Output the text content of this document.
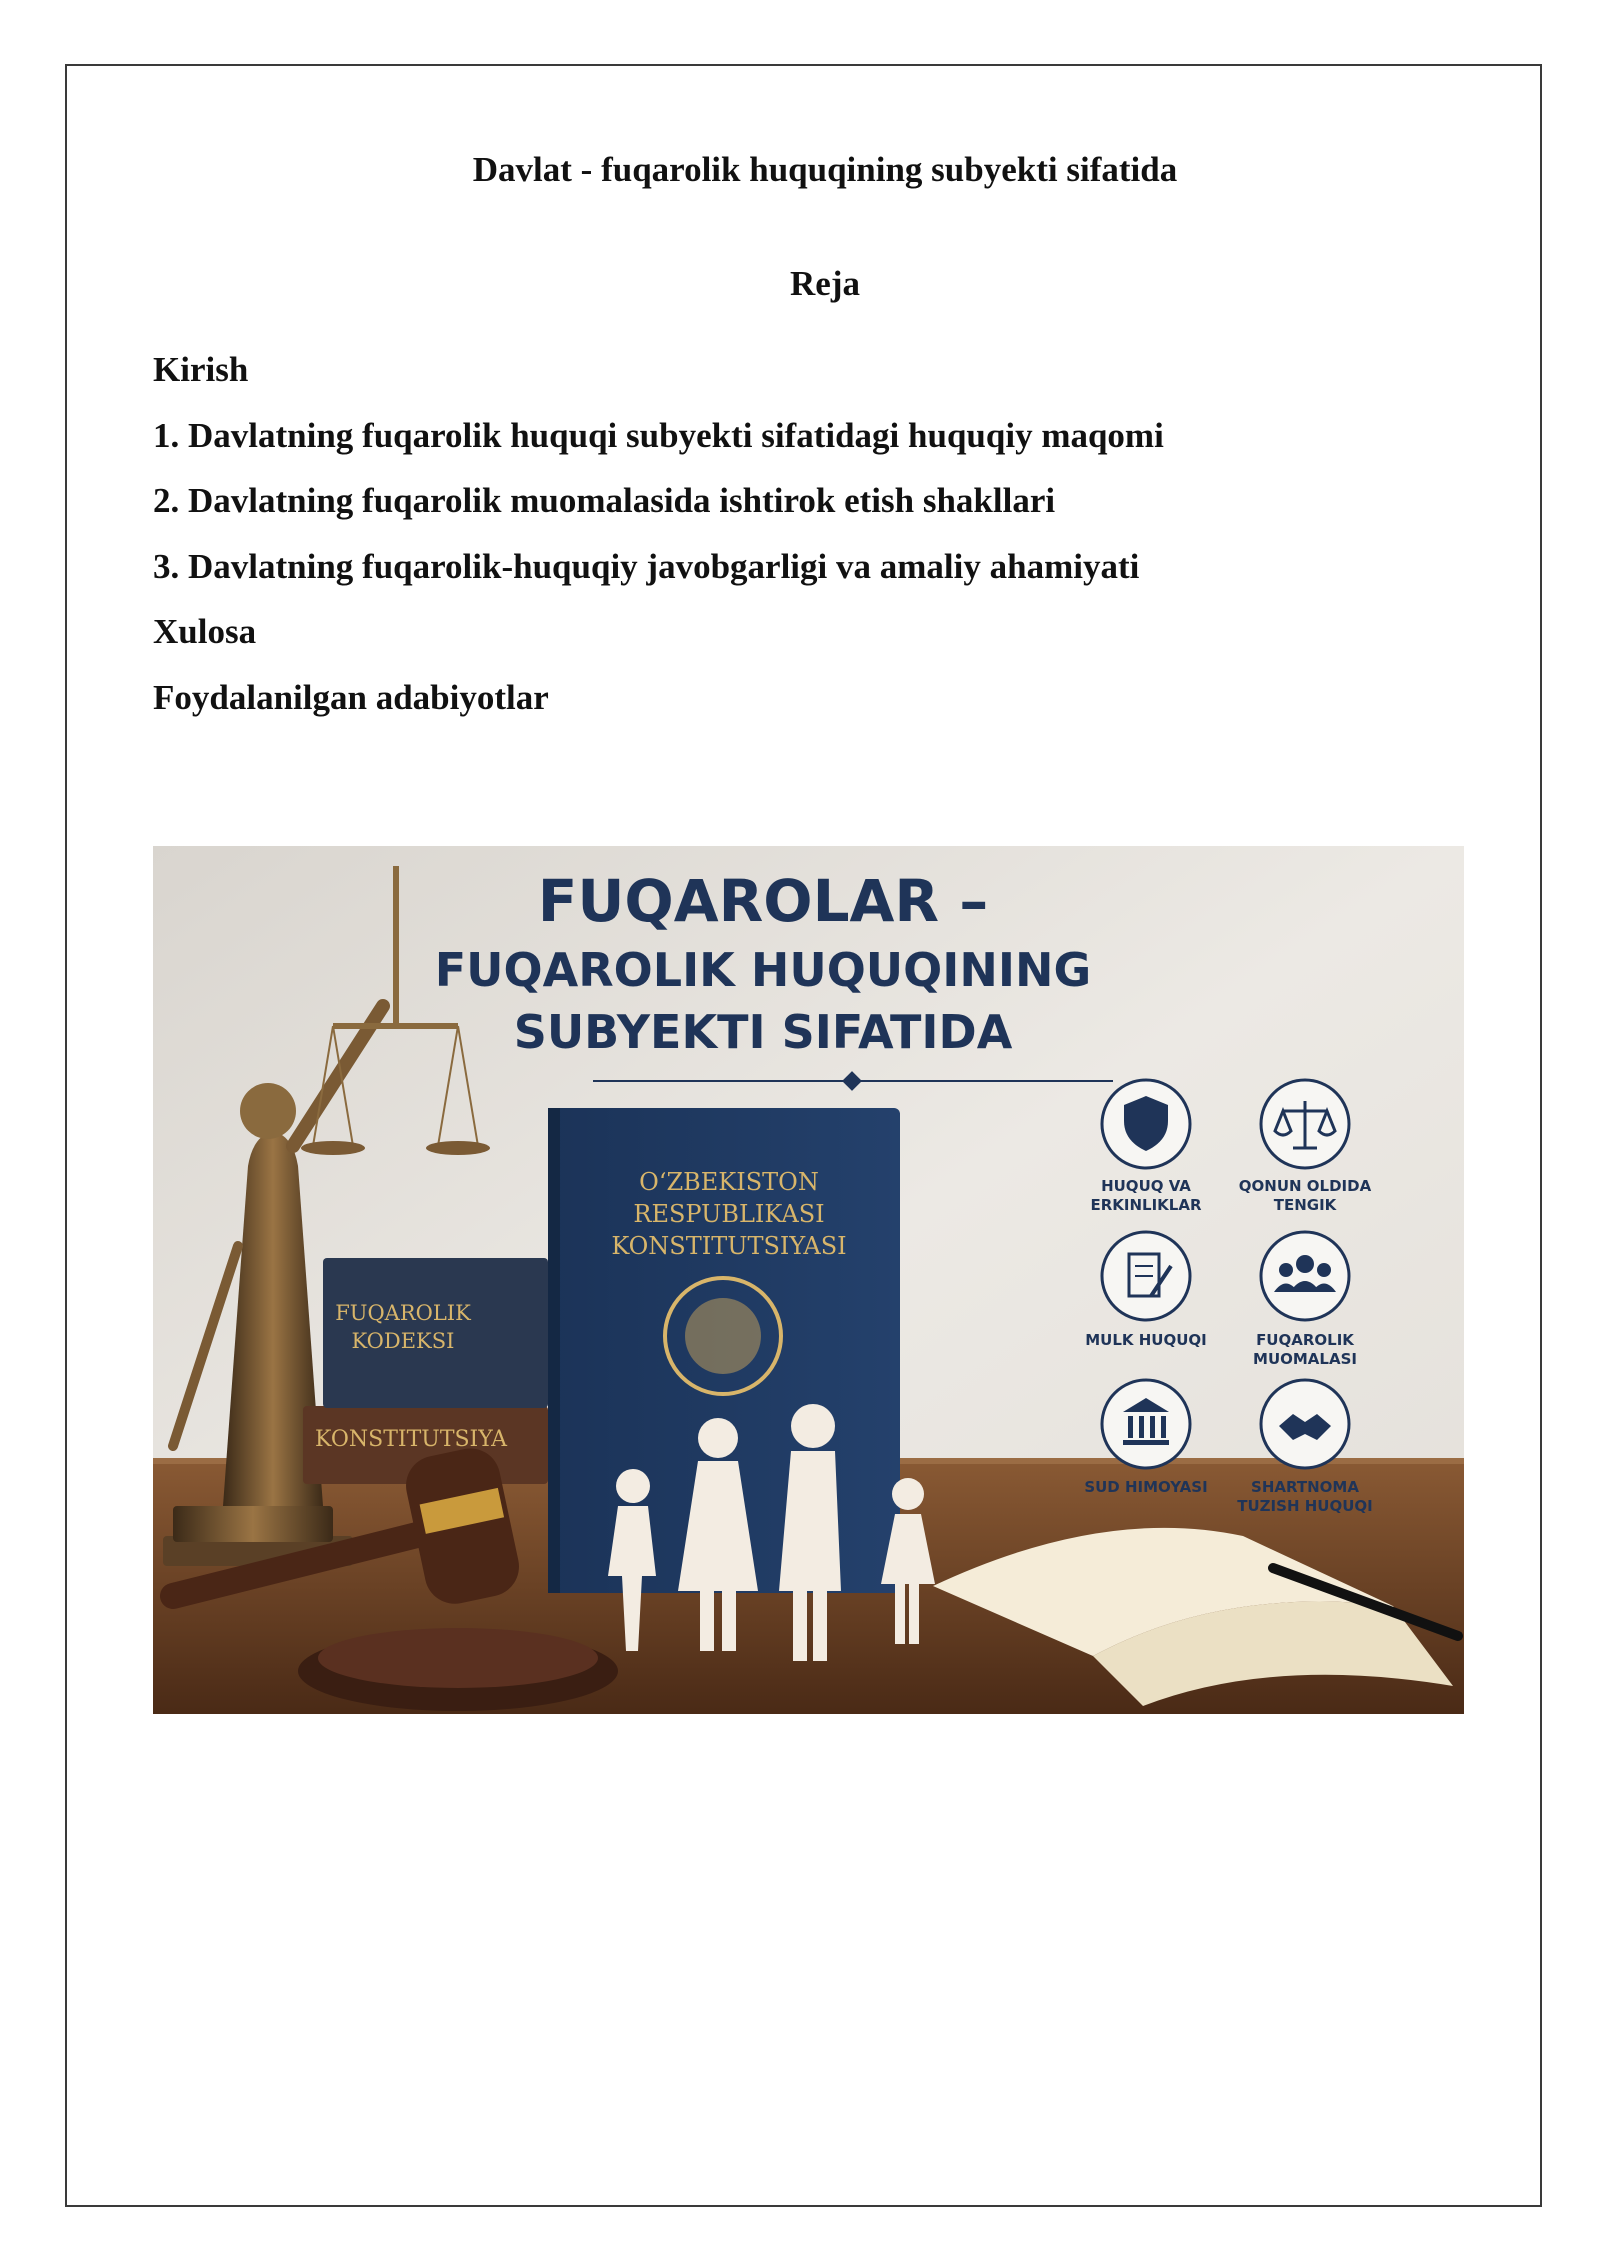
Davlat - fuqarolik huquqining subyekti sifatida
Reja
Kirish
1. Davlatning fuqarolik huquqi subyekti sifatidagi huquqiy maqomi
2. Davlatning fuqarolik muomalasida ishtirok etish shakllari
3. Davlatning fuqarolik-huquqiy javobgarligi va amaliy ahamiyati
Xulosa
Foydalanilgan adabiyotlar
FUQAROLAR –
FUQAROLIK HUQUQINING
SUBYEKTI SIFATIDA
KONSTITUTSIYA
FUQAROLIK
KODEKSI
O‘ZBEKISTON
RESPUBLIKASI
KONSTITUTSIYASI
HUQUQ VA
ERKINLIKLAR
QONUN OLDIDA
TENGIK
MULK HUQUQI	FUQAROLIK
MUOMALASI
SUD HIMOYASI	SHARTNOMA
TUZISH HUQUQI
